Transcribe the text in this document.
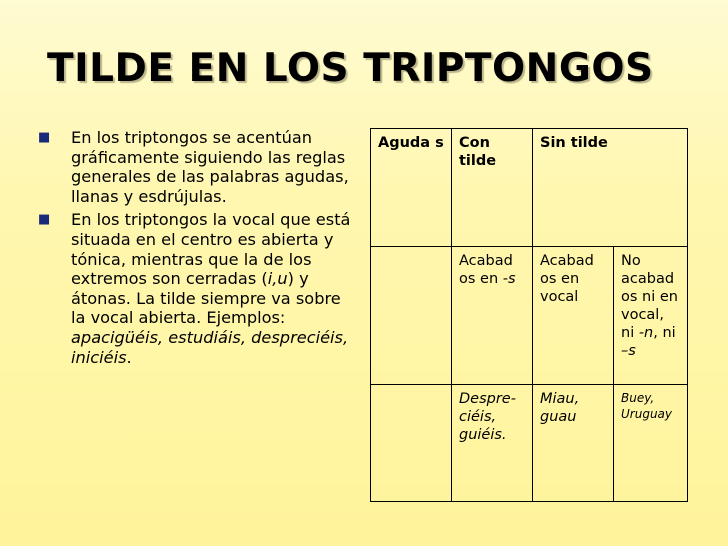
TILDE EN LOS TRIPTONGOS
■
En los triptongos se acentúan gráficamente siguiendo las reglas generales de las palabras agudas, llanas y esdrújulas.
■
En los triptongos la vocal que está situada en el centro es abierta y tónica, mientras que la de los extremos son cerradas (i,u) y átonas. La tilde siempre va sobre la vocal abierta. Ejemplos: apacigüéis, estudiáis, despreciéis, iniciéis.
Aguda s	Con tilde	Sin tilde	
	Acabad os en -s	Acabad os en vocal	No acabad os ni en vocal, ni -n, ni –s
	Despre- ciéis, guiéis.	Miau, guau	Buey, Uruguay
